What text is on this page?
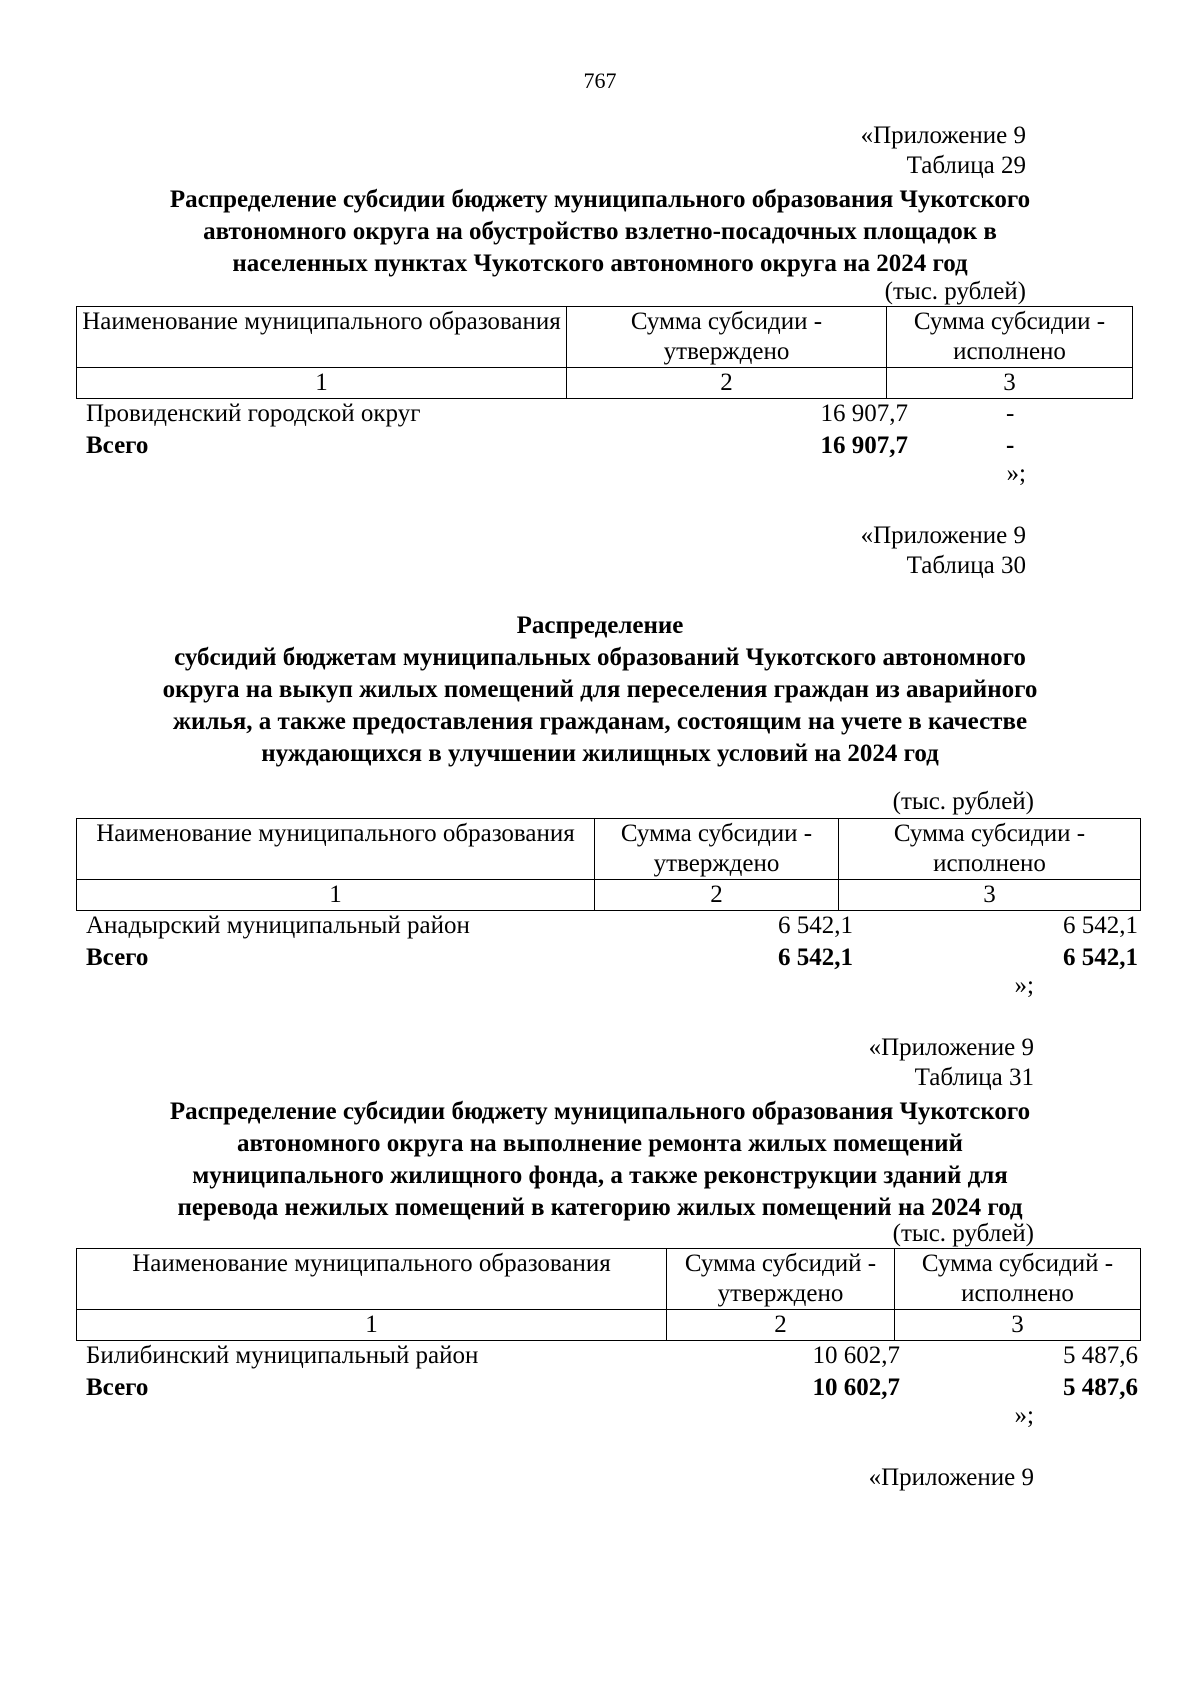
767
«Приложение 9
Таблица 29
Распределение субсидии бюджету муниципального образования Чукотского
автономного округа на обустройство взлетно-посадочных площадок в
населенных пунктах Чукотского автономного округа на 2024 год
(тыс. рублей)
Наименование муниципального образования	Сумма субсидии - утверждено	Сумма субсидии - исполнено
1	2	3
Провиденский городской округ	16 907,7	-
Всего	16 907,7	-
»;
«Приложение 9
Таблица 30
Распределение
субсидий бюджетам муниципальных образований Чукотского автономного
округа на выкуп жилых помещений для переселения граждан из аварийного
жилья, а также предоставления гражданам, состоящим на учете в качестве
нуждающихся в улучшении жилищных условий на 2024 год
(тыс. рублей)
Наименование муниципального образования	Сумма субсидии - утверждено	Сумма субсидии - исполнено
1	2	3
Анадырский муниципальный район	6 542,1	6 542,1
Всего	6 542,1	6 542,1
»;
«Приложение 9
Таблица 31
Распределение субсидии бюджету муниципального образования Чукотского
автономного округа на выполнение ремонта жилых помещений
муниципального жилищного фонда, а также реконструкции зданий для
перевода нежилых помещений в категорию жилых помещений на 2024 год
(тыс. рублей)
Наименование муниципального образования	Сумма субсидий - утверждено	Сумма субсидий - исполнено
1	2	3
Билибинский муниципальный район	10 602,7	5 487,6
Всего	10 602,7	5 487,6
»;
«Приложение 9
